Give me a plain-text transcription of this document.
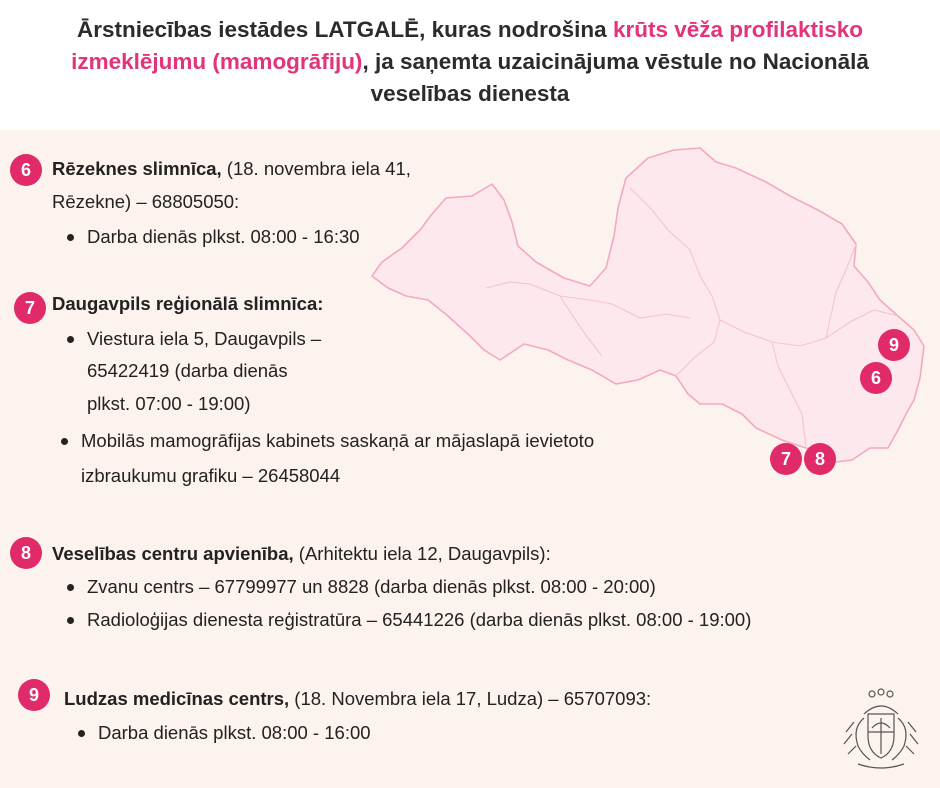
Ārstniecības iestādes LATGALĒ, kuras nodrošina krūts vēža profilaktisko izmeklējumu (mamogrāfiju), ja saņemta uzaicinājuma vēstule no Nacionālā veselības dienesta
9
6
7	8
6	Rēzeknes slimnīca, (18. novembra iela 41,
Rēzekne) – 68805050:
Darba dienās plkst. 08:00 - 16:30
7 Daugavpils reģionālā slimnīca:
Viestura iela 5, Daugavpils –
65422419 (darba dienās
plkst. 07:00 - 19:00)
Mobilās mamogrāfijas kabinets saskaņā ar mājaslapā ievietoto
izbraukumu grafiku – 26458044
8	Veselības centru apvienība, (Arhitektu iela 12, Daugavpils):
Zvanu centrs – 67799977 un 8828 (darba dienās plkst. 08:00 - 20:00)
Radioloģijas dienesta reģistratūra – 65441226 (darba dienās plkst. 08:00 - 19:00)
9	Ludzas medicīnas centrs, (18. Novembra iela 17, Ludza) – 65707093:
Darba dienās plkst. 08:00 - 16:00
